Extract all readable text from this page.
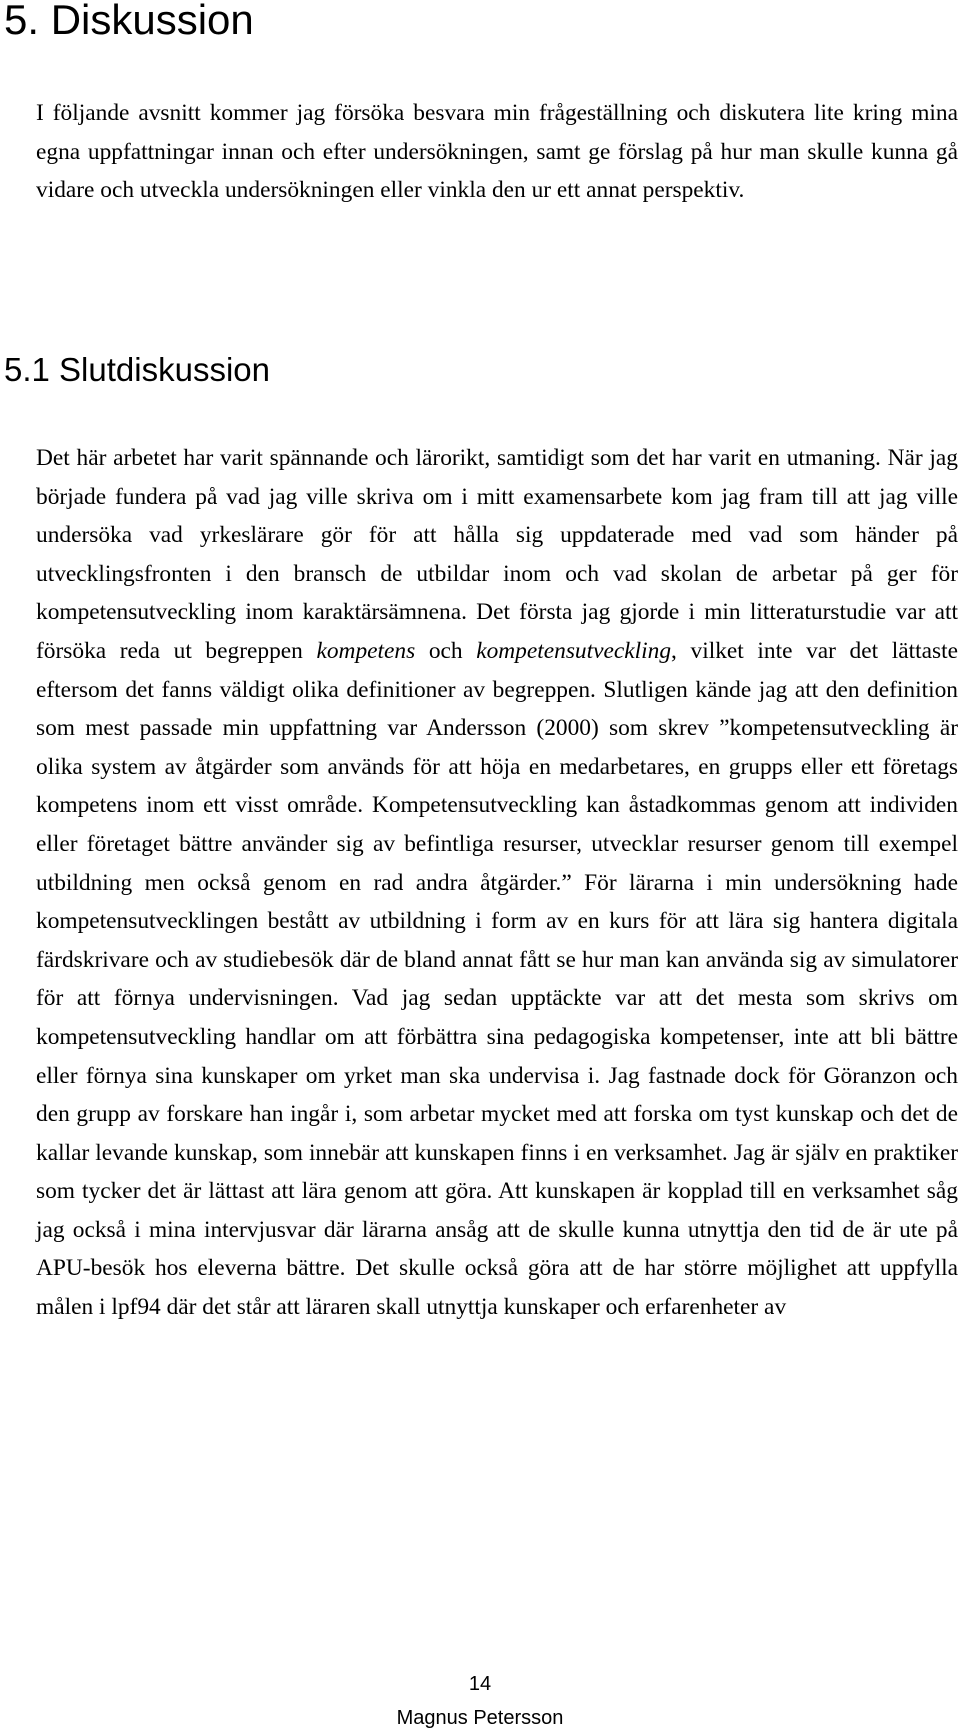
5. Diskussion

I följande avsnitt kommer jag försöka besvara min frågeställning och diskutera lite kring mina egna uppfattningar innan och efter undersökningen, samt ge förslag på hur man skulle kunna gå vidare och utveckla undersökningen eller vinkla den ur ett annat perspektiv.

5.1 Slutdiskussion

Det här arbetet har varit spännande och lärorikt, samtidigt som det har varit en utmaning. När jag började fundera på vad jag ville skriva om i mitt examensarbete kom jag fram till att jag ville undersöka vad yrkeslärare gör för att hålla sig uppdaterade med vad som händer på utvecklingsfronten i den bransch de utbildar inom och vad skolan de arbetar på ger för kompetensutveckling inom karaktärsämnena. Det första jag gjorde i min litteraturstudie var att försöka reda ut begreppen kompetens och kompetensutveckling, vilket inte var det lättaste eftersom det fanns väldigt olika definitioner av begreppen. Slutligen kände jag att den definition som mest passade min uppfattning var Andersson (2000) som skrev ”kompetensutveckling är olika system av åtgärder som används för att höja en medarbetares, en grupps eller ett företags kompetens inom ett visst område. Kompetensutveckling kan åstadkommas genom att individen eller företaget bättre använder sig av befintliga resurser, utvecklar resurser genom till exempel utbildning men också genom en rad andra åtgärder.” För lärarna i min undersökning hade kompetensutvecklingen bestått av utbildning i form av en kurs för att lära sig hantera digitala färdskrivare och av studiebesök där de bland annat fått se hur man kan använda sig av simulatorer för att förnya undervisningen. Vad jag sedan upptäckte var att det mesta som skrivs om kompetensutveckling handlar om att förbättra sina pedagogiska kompetenser, inte att bli bättre eller förnya sina kunskaper om yrket man ska undervisa i. Jag fastnade dock för Göranzon och den grupp av forskare han ingår i, som arbetar mycket med att forska om tyst kunskap och det de kallar levande kunskap, som innebär att kunskapen finns i en verksamhet. Jag är själv en praktiker som tycker det är lättast att lära genom att göra. Att kunskapen är kopplad till en verksamhet såg jag också i mina intervjusvar där lärarna ansåg att de skulle kunna utnyttja den tid de är ute på APU-besök hos eleverna bättre. Det skulle också göra att de har större möjlighet att uppfylla målen i lpf94 där det står att läraren skall utnyttja kunskaper och erfarenheter av

14
Magnus Petersson
